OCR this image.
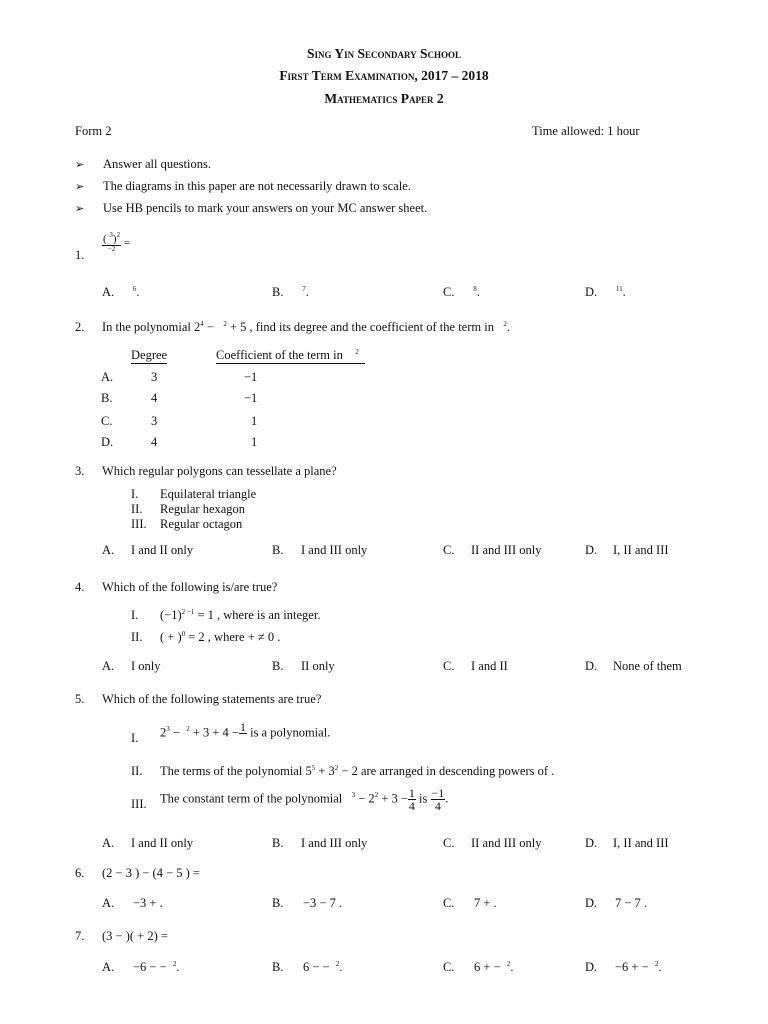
Sing Yin Secondary School
First Term Examination, 2017 – 2018
Mathematics Paper 2
Form 2	Time allowed: 1 hour
➢ Answer all questions.
➢ The diagrams in this paper are not necessarily drawn to scale.
➢ Use HB pencils to mark your answers on your MC answer sheet.
1.
$\frac{( ^3)^2}{-2}$ =
A.	$^6$.	B.	$^7$.	C.	$^8$.	D.	$^{11}$.
2. In the polynomial $2^4 - ^2 + 5$ , find its degree and the coefficient of the term in $^2$.
Degree	Coefficient of the term in $^2$
A.	3	−1
B.	4	−1
C.	3	1
D.	4	1
3. Which regular polygons can tessellate a plane?
I. Equilateral triangle
II. Regular hexagon
III. Regular octagon
A. I and II only	B. I and III only	C. II and III only	D. I, II and III
4. Which of the following is/are true?
I. $(-1)^{2 -1} = 1$ , where is an integer.
II. ( + )$^0$ = 2 , where + ≠ 0 .
A. I only	B. II only	C. I and II	D. None of them
5. Which of the following statements are true?
I. $2^3 - ^2 + 3 + 4 - 1$
is a polynomial.
II. The terms of the polynomial $5^5 + 3^2 - 2$ are arranged in descending powers of .
III. The constant term of the polynomial $^3 - 2^2 + 3 - \frac{1}{4}$ is $\frac{-1}{4}$ .
A. I and II only	B. I and III only	C. II and III only	D. I, II and III
6. (2 − 3 ) − (4 − 5 ) =
A. −3 + .	B. −3 − 7 .	C. 7 + .	D. 7 − 7 .
7. (3 − )( + 2) =
A. −6 − − $^2$.	B. 6 − − $^2$.	C. 6 + − $^2$.	D. −6 + − $^2$.
